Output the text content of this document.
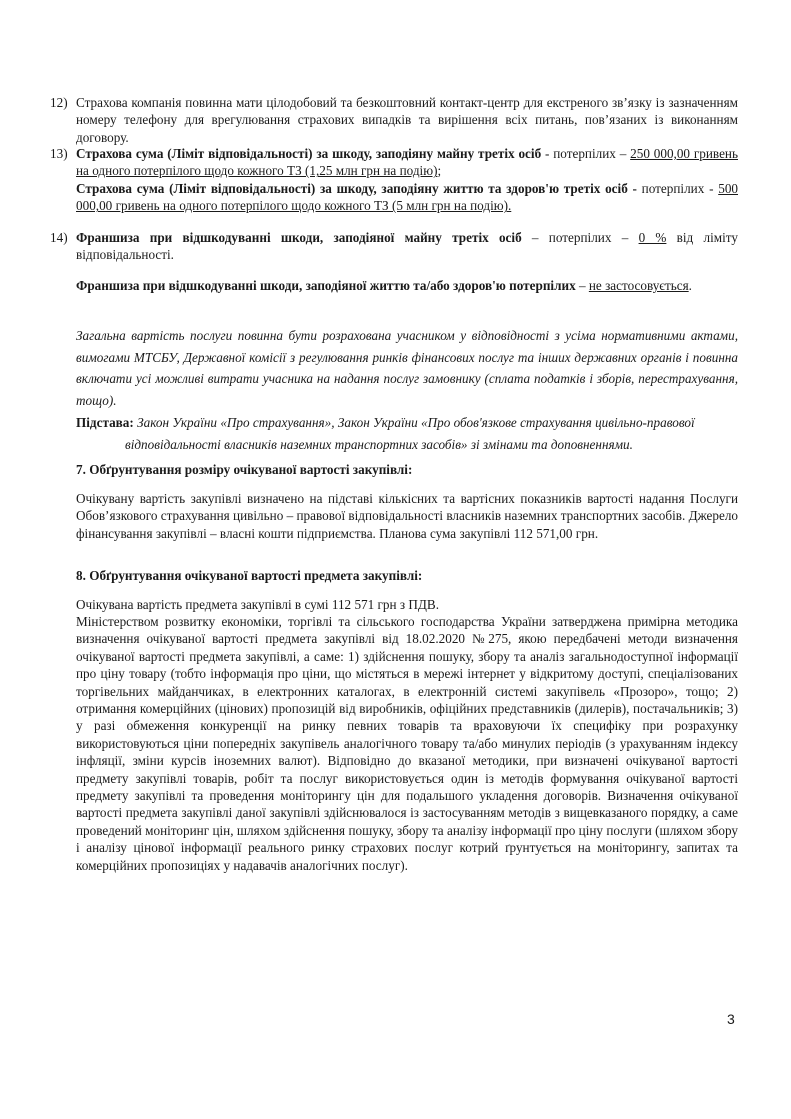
12) Страхова компанія повинна мати цілодобовий та безкоштовний контакт-центр для екстреного зв’язку із зазначенням номеру телефону для врегулювання страхових випадків та вирішення всіх питань, пов’язаних із виконанням договору.
13) Страхова сума (Ліміт відповідальності) за шкоду, заподіяну майну третіх осіб - потерпілих – 250 000,00 гривень на одного потерпілого щодо кожного ТЗ (1,25 млн грн на подію);
Страхова сума (Ліміт відповідальності) за шкоду, заподіяну життю та здоров'ю третіх осіб - потерпілих - 500 000,00 гривень на одного потерпілого щодо кожного ТЗ (5 млн грн на подію).
14) Франшиза при відшкодуванні шкоди, заподіяної майну третіх осіб – потерпілих – 0 % від ліміту відповідальності.
Франшиза при відшкодуванні шкоди, заподіяної життю та/або здоров'ю потерпілих – не застосовується.
Загальна вартість послуги повинна бути розрахована учасником у відповідності з усіма нормативними актами, вимогами МТСБУ, Державної комісії з регулювання ринків фінансових послуг та інших державних органів і повинна включати усі можливі витрати учасника на надання послуг замовнику (сплата податків і зборів, перестрахування, тощо).
Підстава: Закон України «Про страхування», Закон України «Про обов'язкове страхування цивільно-правової відповідальності власників наземних транспортних засобів» зі змінами та доповненнями.
7. Обґрунтування розміру очікуваної вартості закупівлі:
Очікувану вартість закупівлі визначено на підставі кількісних та вартісних показників вартості надання Послуги Обов’язкового страхування цивільно – правової відповідальності власників наземних транспортних засобів. Джерело фінансування закупівлі – власні кошти підприємства. Планова сума закупівлі 112 571,00 грн.
8. Обґрунтування очікуваної вартості предмета закупівлі:
Очікувана вартість предмета закупівлі в сумі 112 571 грн з ПДВ.
Міністерством розвитку економіки, торгівлі та сільського господарства України затверджена примірна методика визначення очікуваної вартості предмета закупівлі від 18.02.2020 №275, якою передбачені методи визначення очікуваної вартості предмета закупівлі, а саме: 1) здійснення пошуку, збору та аналіз загальнодоступної інформації про ціну товару (тобто інформація про ціни, що містяться в мережі інтернет у відкритому доступі, спеціалізованих торгівельних майданчиках, в електронних каталогах, в електронній системі закупівель «Прозоро», тощо; 2) отримання комерційних (цінових) пропозицій від виробників, офіційних представників (дилерів), постачальників; 3) у разі обмеження конкуренції на ринку певних товарів та враховуючи їх специфіку при розрахунку використовуються ціни попередніх закупівель аналогічного товару та/або минулих періодів (з урахуванням індексу інфляції, зміни курсів іноземних валют). Відповідно до вказаної методики, при визначені очікуваної вартості предмету закупівлі товарів, робіт та послуг використовується один із методів формування очікуваної вартості предмету закупівлі та проведення моніторингу цін для подальшого укладення договорів. Визначення очікуваної вартості предмета закупівлі даної закупівлі здійснювалося із застосуванням методів з вищевказаного порядку, а саме проведений моніторинг цін, шляхом здійснення пошуку, збору та аналізу інформації про ціну послуги (шляхом збору і аналізу цінової інформації реального ринку страхових послуг котрий ґрунтується на моніторингу, запитах та комерційних пропозиціях у надавачів аналогічних послуг).
3
